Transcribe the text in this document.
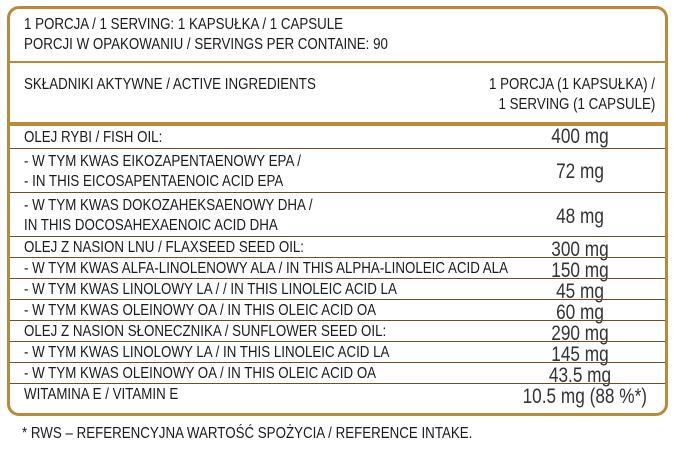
1 PORCJA / 1 SERVING: 1 KAPSUŁKA / 1 CAPSULE
PORCJI W OPAKOWANIU / SERVINGS PER CONTAINE: 90
SKŁADNIKI AKTYWNE / ACTIVE INGREDIENTS	1 PORCJA (1 KAPSUŁKA) /
1 SERVING (1 CAPSULE)
OLEJ RYBI / FISH OIL:	400 mg
- W TYM KWAS EIKOZAPENTAENOWY EPA /
- IN THIS EICOSAPENTAENOIC ACID EPA	72 mg
- W TYM KWAS DOKOZAHEKSAENOWY DHA /
IN THIS DOCOSAHEXAENOIC ACID DHA	48 mg
OLEJ Z NASION LNU / FLAXSEED SEED OIL:	300 mg
- W TYM KWAS ALFA-LINOLENOWY ALA / IN THIS ALPHA-LINOLEIC ACID ALA	150 mg
- W TYM KWAS LINOLOWY LA / / IN THIS LINOLEIC ACID LA	45 mg
- W TYM KWAS OLEINOWY OA / IN THIS OLEIC ACID OA	60 mg
OLEJ Z NASION SŁONECZNIKA / SUNFLOWER SEED OIL:	290 mg
- W TYM KWAS LINOLOWY LA / IN THIS LINOLEIC ACID LA	145 mg
- W TYM KWAS OLEINOWY OA / IN THIS OLEIC ACID OA	43.5 mg
WITAMINA E / VITAMIN E	10.5 mg (88 %*)
* RWS – REFERENCYJNA WARTOŚĆ SPOŻYCIA / REFERENCE INTAKE.
